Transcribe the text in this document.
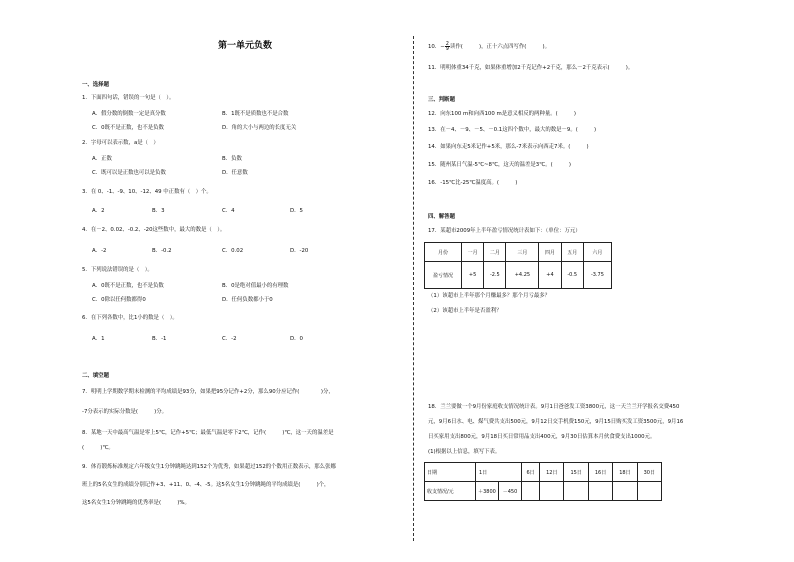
第一单元负数
一、选择题
1．下面四句话，错误的一句是（　）。
A．假分数的倒数一定是真分数	B．1既不是质数也不是合数
C．0既不是正数，也不是负数	D．角的大小与两边的长度无关
2．字母可以表示数，a是（　）
A．正数	B．负数
C．既可以是正数也可以是负数	D．任意数
3．在 0、-1、-9、10、-12、49 中正数有（　）个。
A．2	B．3	C．4	D．5
4．在－2、0.02、-0.2、-20这些数中，最大的数是（　）。
A．-2	B．-0.2	C．0.02	D．-20
5．下列说法错误的是（　）。
A．0既不是正数，也不是负数	B．0是绝对值最小的有理数
C．0除以任何数都得0	D．任何负数都小于0
6．在下列各数中，比1小的数是（　）。
A．1	B．-1	C．-2	D．0
二、填空题
7．明明上学期数学期末检测的平均成绩是93分，如果把95分记作+2分，那么90分应记作(　　　　)分，
-7分表示的实际分数是(　　　)分。
8．某地一天中最高气温是零上5℃，记作+5℃；最低气温是零下2℃，记作(　　　)℃，这一天的温差是
(　　　)℃。
9．体育锻炼标准规定六年级女生1分钟跳绳达到152个为优秀，如果超过152的个数用正数表示，那么张娜
班上的5名女生的成绩分别记作+3、+11、0、-4、-5。这5名女生1分钟跳绳的平均成绩是(　　　)个，
这5名女生1分钟跳绳的优秀率是(　　　)%。
10．− $\frac{2}{9}$ 读作(　　　)，正十六点四写作(　　　)。
11．明明体重34千克，如果体重增加2千克记作+2千克，那么－2千克表示(　　　)。
三、判断题
12．向东100 m和向西100 m是意义相反的两种量。(　　　)
13．在－4、－9、－5、－0.1这四个数中，最大的数是－9。(　　　)
14．如果向东走5米记作+5米，那么-7米表示向西走7米。(　　　)
15．随州某日气温-5℃~8℃，这天的温差是3℃。(　　　)
16．-15℃比-25℃温度高。(　　　)
四、解答题
17．某超市2009年上半年盈亏情况统计表如下：（单位：万元）
月份	一月	二月	三月	四月	五月	六月
盈亏情况	+5	-2.5	+4.25	+4	-0.5	-3.75
（1）该超市上半年那个月赚最多？那个月亏最多？
（2）该超市上半年是否盈利？
18．兰兰要做一个9月份家庭收支情况统计表。9月1日爸爸发工资3800元，这一天兰兰开学报名交费450
元，9月6日水、电、煤气费共支出500元，9月12日交手机费150元，9月15日购买发工资3500元，9月16
日买家用支出800元，9月18日买日常用品支出400元，9月30日估算本月伙食费支出1000元。
(1)根据以上信息，填写下表。
日期	1日		6日	12日	15日	16日	18日	30日
收支情况/元	＋3800	－450						
